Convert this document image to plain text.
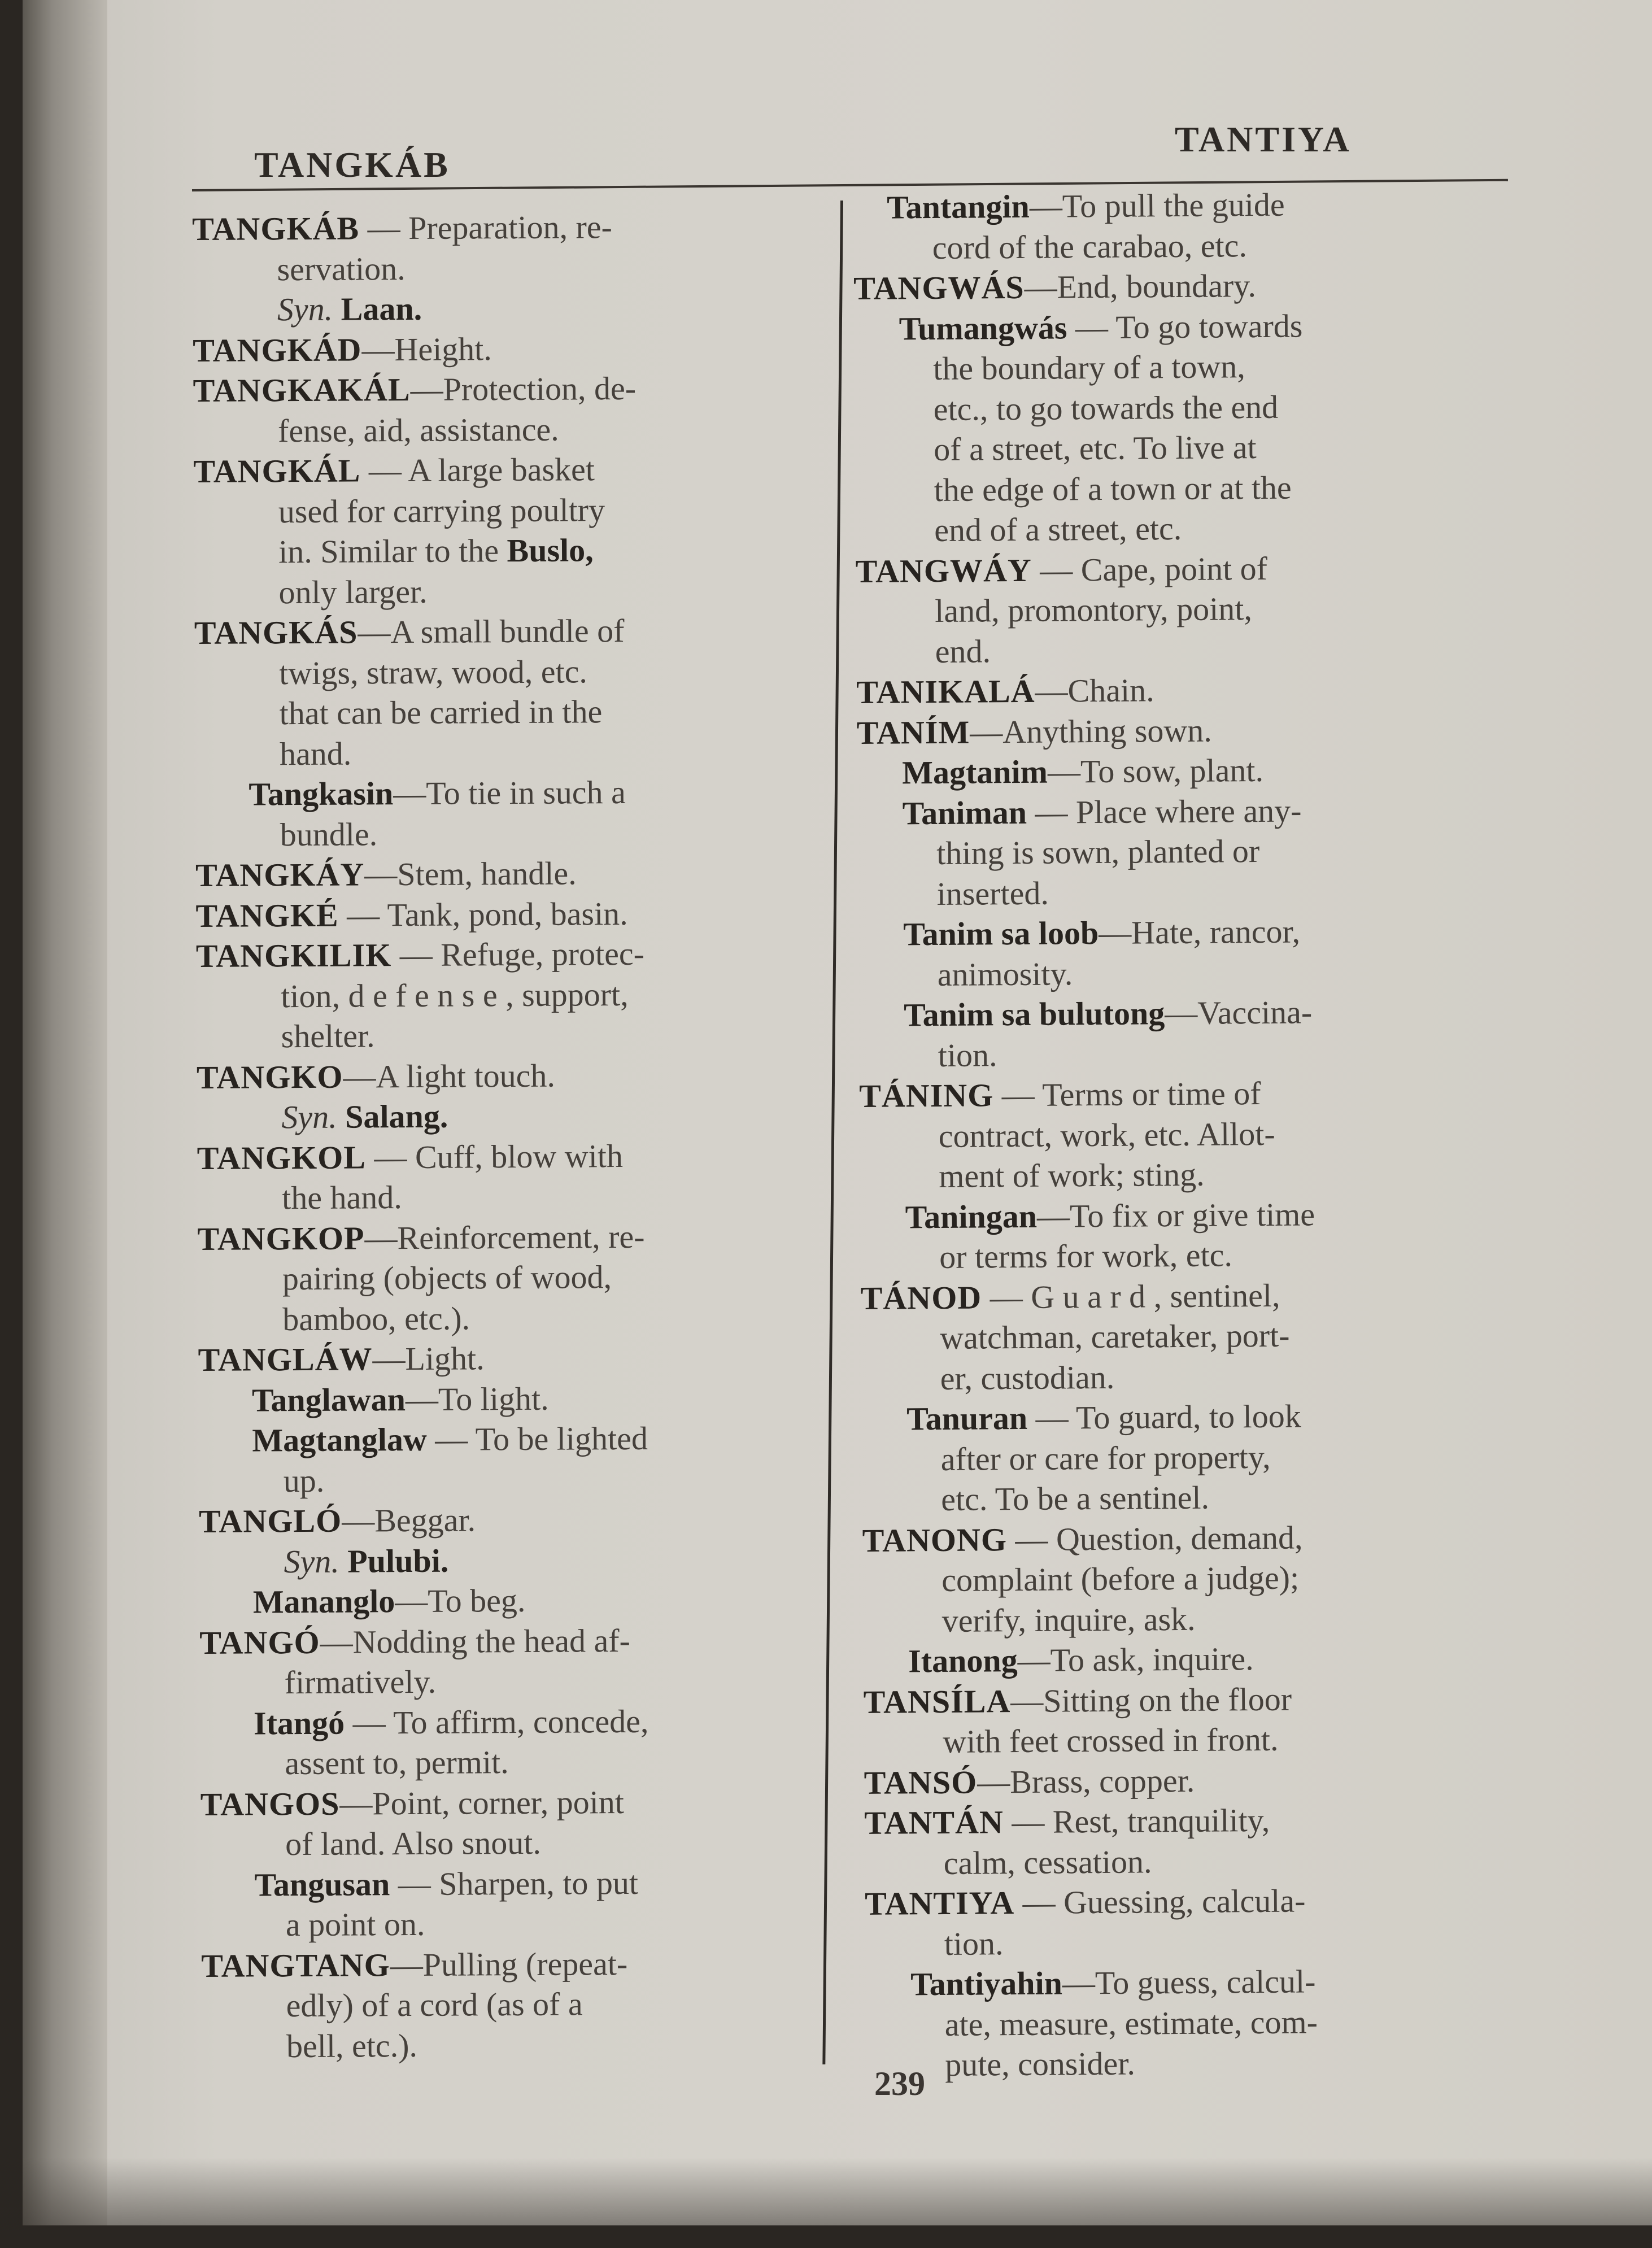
TANGKÁB
TANTIYA
TANGKÁB — Preparation, re-
servation.
Syn. Laan.
TANGKÁD—Height.
TANGKAKÁL—Protection, de-
fense, aid, assistance.
TANGKÁL — A large basket
used for carrying poultry
in. Similar to the Buslo,
only larger.
TANGKÁS—A small bundle of
twigs, straw, wood, etc.
that can be carried in the
hand.
Tangkasin—To tie in such a
bundle.
TANGKÁY—Stem, handle.
TANGKÉ — Tank, pond, basin.
TANGKILIK — Refuge, protec-
tion, d e f e n s e , support,
shelter.
TANGKO—A light touch.
Syn. Salang.
TANGKOL — Cuff, blow with
the hand.
TANGKOP—Reinforcement, re-
pairing (objects of wood,
bamboo, etc.).
TANGLÁW—Light.
Tanglawan—To light.
Magtanglaw — To be lighted
up.
TANGLÓ—Beggar.
Syn. Pulubi.
Mananglo—To beg.
TANGÓ—Nodding the head af-
firmatively.
Itangó — To affirm, concede,
assent to, permit.
TANGOS—Point, corner, point
of land. Also snout.
Tangusan — Sharpen, to put
a point on.
TANGTANG—Pulling (repeat-
edly) of a cord (as of a
bell, etc.).
Tantangin—To pull the guide
cord of the carabao, etc.
TANGWÁS—End, boundary.
Tumangwás — To go towards
the boundary of a town,
etc., to go towards the end
of a street, etc. To live at
the edge of a town or at the
end of a street, etc.
TANGWÁY — Cape, point of
land, promontory, point,
end.
TANIKALÁ—Chain.
TANÍM—Anything sown.
Magtanim—To sow, plant.
Taniman — Place where any-
thing is sown, planted or
inserted.
Tanim sa loob—Hate, rancor,
animosity.
Tanim sa bulutong—Vaccina-
tion.
TÁNING — Terms or time of
contract, work, etc. Allot-
ment of work; sting.
Taningan—To fix or give time
or terms for work, etc.
TÁNOD — G u a r d , sentinel,
watchman, caretaker, port-
er, custodian.
Tanuran — To guard, to look
after or care for property,
etc. To be a sentinel.
TANONG — Question, demand,
complaint (before a judge);
verify, inquire, ask.
Itanong—To ask, inquire.
TANSÍLA—Sitting on the floor
with feet crossed in front.
TANSÓ—Brass, copper.
TANTÁN — Rest, tranquility,
calm, cessation.
TANTIYA — Guessing, calcula-
tion.
Tantiyahin—To guess, calcul-
ate, measure, estimate, com-
pute, consider.
239
